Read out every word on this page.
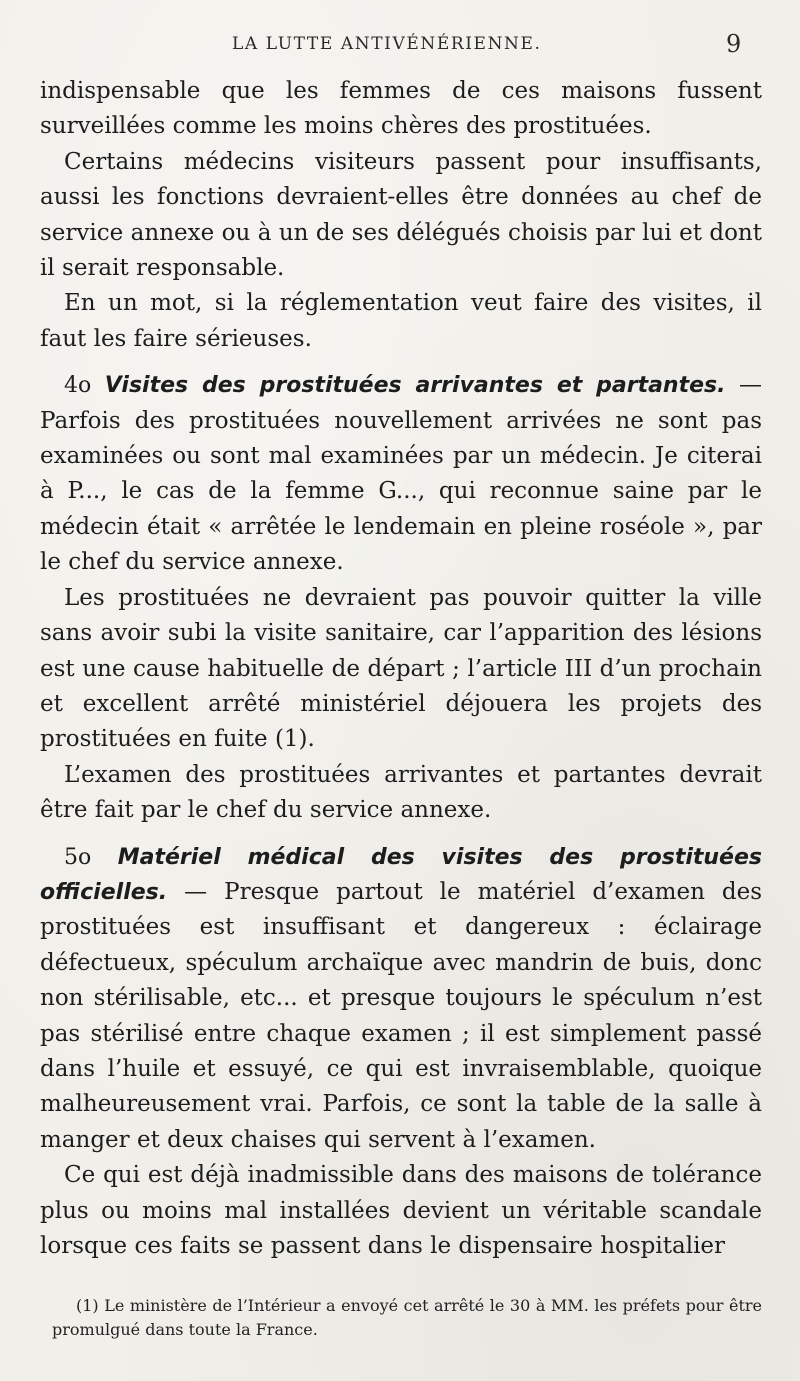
LA LUTTE ANTIVÉNÉRIENNE.	9

indispensable que les femmes de ces maisons fussent surveillées comme les moins chères des prostituées.

Certains médecins visiteurs passent pour insuffisants, aussi les fonctions devraient-elles être données au chef de service annexe ou à un de ses délégués choisis par lui et dont il serait responsable.

En un mot, si la réglementation veut faire des visites, il faut les faire sérieuses.

4o Visites des prostituées arrivantes et partantes. — Parfois des prostituées nouvellement arrivées ne sont pas examinées ou sont mal examinées par un médecin. Je citerai à P..., le cas de la femme G..., qui reconnue saine par le médecin était « arrêtée le lendemain en pleine roséole », par le chef du service annexe.

Les prostituées ne devraient pas pouvoir quitter la ville sans avoir subi la visite sanitaire, car l’apparition des lésions est une cause habituelle de départ ; l’article III d’un prochain et excellent arrêté ministériel déjouera les projets des prostituées en fuite (1).

L’examen des prostituées arrivantes et partantes devrait être fait par le chef du service annexe.

5o Matériel médical des visites des prostituées officielles. — Presque partout le matériel d’examen des prostituées est insuffisant et dangereux : éclairage défectueux, spéculum archaïque avec mandrin de buis, donc non stérilisable, etc... et presque toujours le spéculum n’est pas stérilisé entre chaque examen ; il est simplement passé dans l’huile et essuyé, ce qui est invraisemblable, quoique malheureusement vrai. Parfois, ce sont la table de la salle à manger et deux chaises qui servent à l’examen.

Ce qui est déjà inadmissible dans des maisons de tolérance plus ou moins mal installées devient un véritable scandale lorsque ces faits se passent dans le dispensaire hospitalier

(1) Le ministère de l’Intérieur a envoyé cet arrêté le 30 à MM. les préfets pour être promulgué dans toute la France.
